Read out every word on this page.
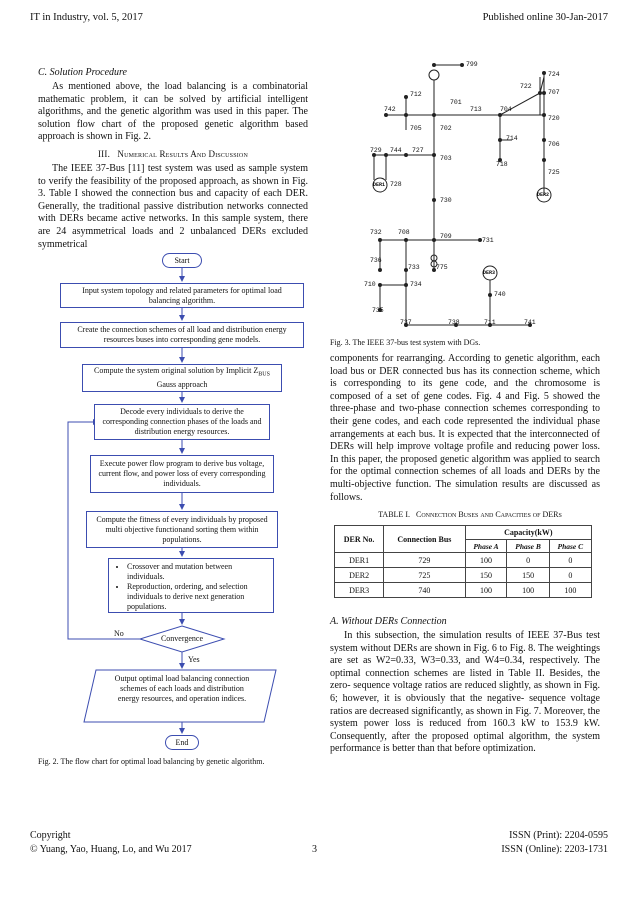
IT in Industry, vol. 5, 2017	Published online 30-Jan-2017
C. Solution Procedure

As mentioned above, the load balancing is a combinatorial mathematic problem, it can be solved by artificial intelligent algorithms, and the genetic algorithm was used in this paper. The solution flow chart of the proposed genetic algorithm based approach is shown in Fig. 2.

III. Numerical Results And Discussion

The IEEE 37-Bus [11] test system was used as sample system to verify the feasibility of the proposed approach, as shown in Fig. 3. Table I showed the connection bus and capacity of each DER. Generally, the traditional passive distribution networks connected with DERs became active networks. In this sample system, there are 24 asymmetrical loads and 2 unbalanced DERs excluded symmetrical

Start
Input system topology and related parameters for optimal load balancing algorithm.
Create the connection schemes of all load and distribution energy resources buses into corresponding gene models.
Compute the system original solution by Implicit $Z_{BUS}$
Gauss approach
Decode every individuals to derive the corresponding connection phases of the loads and distribution energy resources.
Execute power flow program to derive bus voltage, current flow, and power loss of every corresponding individuals.
Compute the fitness of every individuals by proposed multi objective functionand sorting them within populations.
• Crossover and mutation between individuals.
• Reproduction, ordering, and selection individuals to derive next generation populations.
Convergence
No
Yes
Output optimal load balancing connection schemes of each loads and distribution energy resources, and operation indices.
End
Fig. 2. The flow chart for optimal load balancing by genetic algorithm.
799
712
701
742	713	704
722
724
707
720
705	702
714
706
718
725
729 744 727
703
728
730
732	708
709
731
736
733	775
710	734
740
735
737	738	711	741
DER1
DER2
DER3
Fig. 3. The IEEE 37-bus test system with DGs.

components for rearranging. According to genetic algorithm, each load bus or DER connected bus has its connection scheme, which is corresponding to its gene code, and the chromosome is composed of a set of gene codes. Fig. 4 and Fig. 5 showed the three-phase and two-phase connection schemes corresponding to their gene codes, and each code represented the individual phase arrangements at each bus. It is expected that the interconnected of DERs will help improve voltage profile and reducing power loss. In this paper, the proposed genetic algorithm was applied to search for the optimal connection schemes of all loads and DERs by the multi-objective function. The simulation results are discussed as follows.

TABLE I. Connection Buses and Capacities of DERs
DER No.	Connection Bus	Capacity(kW)		
		Phase A	Phase B	Phase C
DER1	729	100	0	0
DER2	725	150	150	0
DER3	740	100	100	100
A. Without DERs Connection

In this subsection, the simulation results of IEEE 37-Bus test system without DERs are shown in Fig. 6 to Fig. 8. The weightings are set as W2=0.33, W3=0.33, and W4=0.34, respectively. The optimal connection schemes are listed in Table II. Besides, the zero- sequence voltage ratios are reduced slightly, as shown in Fig. 6; however, it is obviously that the negative- sequence voltage ratios are decreased significantly, as shown in Fig. 7. Moreover, the system power loss is reduced from 160.3 kW to 153.9 kW. Consequently, after the proposed optimal algorithm, the system performance is better than that before optimization.

Copyright
© Yuang, Yao, Huang, Lo, and Wu 2017	3
ISSN (Print): 2204-0595
ISSN (Online): 2203-1731
